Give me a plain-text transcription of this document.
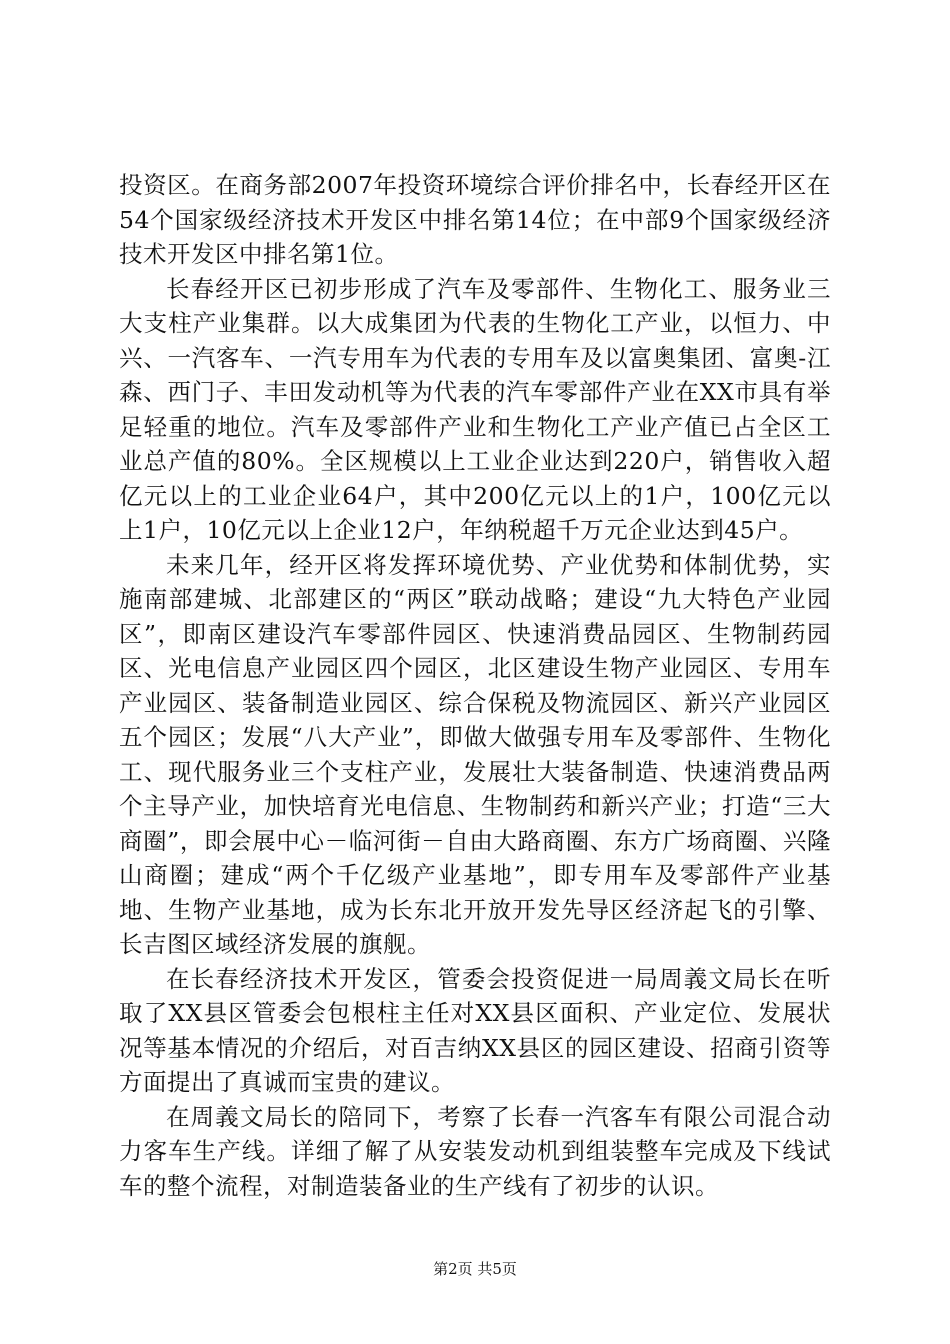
投资区。在商务部2007年投资环境综合评价排名中，长春经开区在54个国家级经济技术开发区中排名第14位；在中部9个国家级经济技术开发区中排名第1位。

长春经开区已初步形成了汽车及零部件、生物化工、服务业三大支柱产业集群。以大成集团为代表的生物化工产业，以恒力、中兴、一汽客车、一汽专用车为代表的专用车及以富奥集团、富奥-江森、西门子、丰田发动机等为代表的汽车零部件产业在XX市具有举足轻重的地位。汽车及零部件产业和生物化工产业产值已占全区工业总产值的80%。全区规模以上工业企业达到220户，销售收入超亿元以上的工业企业64户，其中200亿元以上的1户，100亿元以上1户，10亿元以上企业12户，年纳税超千万元企业达到45户。

未来几年，经开区将发挥环境优势、产业优势和体制优势，实施南部建城、北部建区的“两区”联动战略；建设“九大特色产业园区”，即南区建设汽车零部件园区、快速消费品园区、生物制药园区、光电信息产业园区四个园区，北区建设生物产业园区、专用车产业园区、装备制造业园区、综合保税及物流园区、新兴产业园区五个园区；发展“八大产业”，即做大做强专用车及零部件、生物化工、现代服务业三个支柱产业，发展壮大装备制造、快速消费品两个主导产业，加快培育光电信息、生物制药和新兴产业；打造“三大商圈”，即会展中心－临河街－自由大路商圈、东方广场商圈、兴隆山商圈；建成“两个千亿级产业基地”，即专用车及零部件产业基地、生物产业基地，成为长东北开放开发先导区经济起飞的引擎、长吉图区域经济发展的旗舰。

在长春经济技术开发区，管委会投资促进一局周義文局长在听取了XX县区管委会包根柱主任对XX县区面积、产业定位、发展状况等基本情况的介绍后，对百吉纳XX县区的园区建设、招商引资等方面提出了真诚而宝贵的建议。

在周義文局长的陪同下，考察了长春一汽客车有限公司混合动力客车生产线。详细了解了从安装发动机到组装整车完成及下线试车的整个流程，对制造装备业的生产线有了初步的认识。

第2页 共5页
